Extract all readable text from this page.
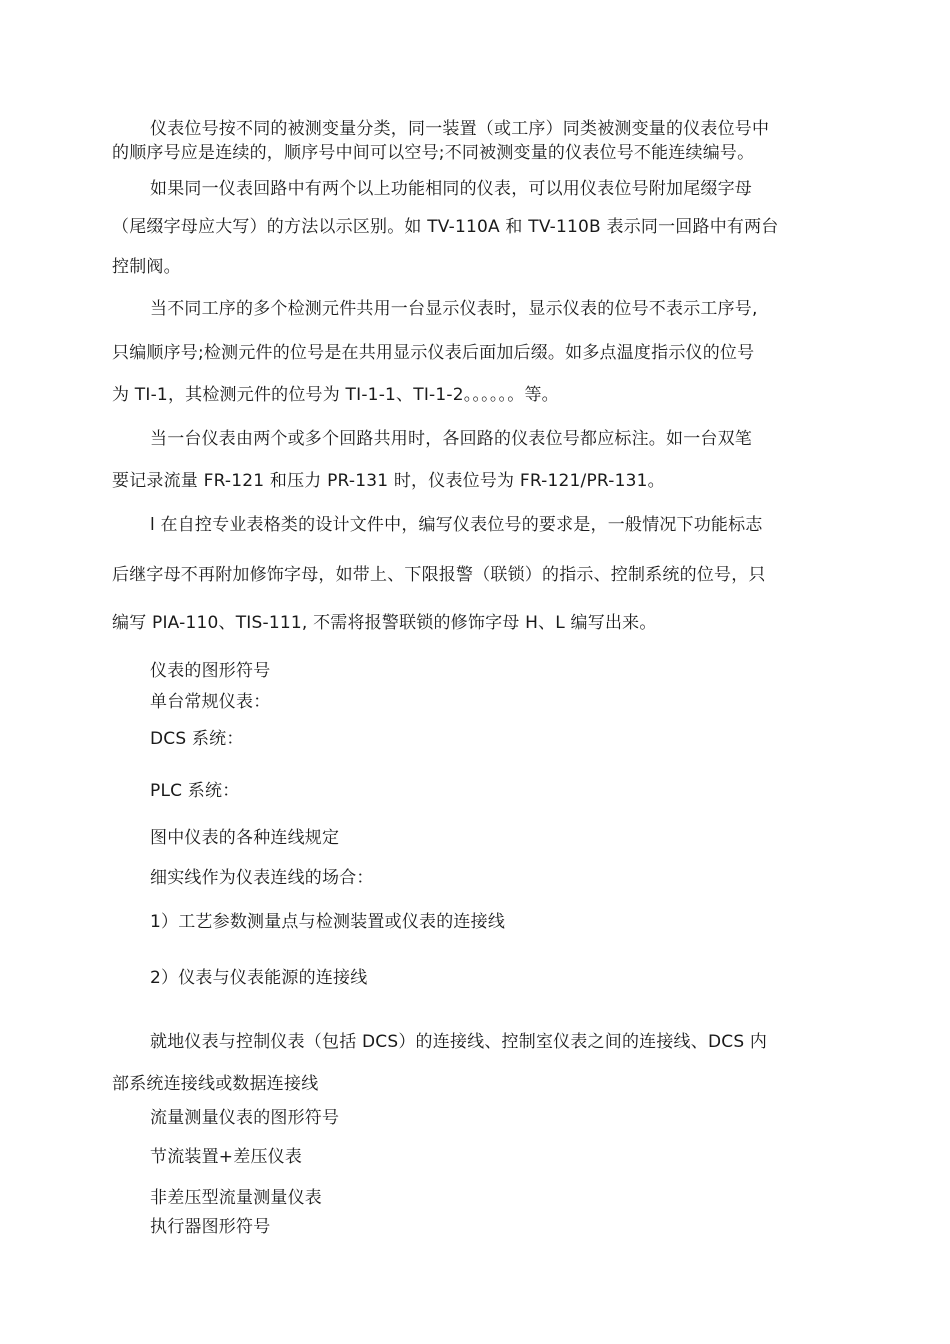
仪表位号按不同的被测变量分类，同一装置（或工序）同类被测变量的仪表位号中
的顺序号应是连续的，顺序号中间可以空号;不同被测变量的仪表位号不能连续编号。
如果同一仪表回路中有两个以上功能相同的仪表，可以用仪表位号附加尾缀字母
（尾缀字母应大写）的方法以示区别。如 TV-110A 和 TV-110B 表示同一回路中有两台
控制阀。
当不同工序的多个检测元件共用一台显示仪表时，显示仪表的位号不表示工序号,
只编顺序号;检测元件的位号是在共用显示仪表后面加后缀。如多点温度指示仪的位号
为 TI-1，其检测元件的位号为 TI-1-1、TI-1-2。。。。。。等。
当一台仪表由两个或多个回路共用时，各回路的仪表位号都应标注。如一台双笔
要记录流量 FR-121 和压力 PR-131 时，仪表位号为 FR-121/PR-131。
l 在自控专业表格类的设计文件中，编写仪表位号的要求是，一般情况下功能标志
后继字母不再附加修饰字母，如带上、下限报警（联锁）的指示、控制系统的位号，只
编写 PIA-110、TIS-111, 不需将报警联锁的修饰字母 H、L 编写出来。
仪表的图形符号
单台常规仪表：
DCS 系统：
PLC 系统：
图中仪表的各种连线规定
细实线作为仪表连线的场合：
1）工艺参数测量点与检测装置或仪表的连接线
2）仪表与仪表能源的连接线
就地仪表与控制仪表（包括 DCS）的连接线、控制室仪表之间的连接线、DCS 内
部系统连接线或数据连接线
流量测量仪表的图形符号
节流装置+差压仪表
非差压型流量测量仪表
执行器图形符号
